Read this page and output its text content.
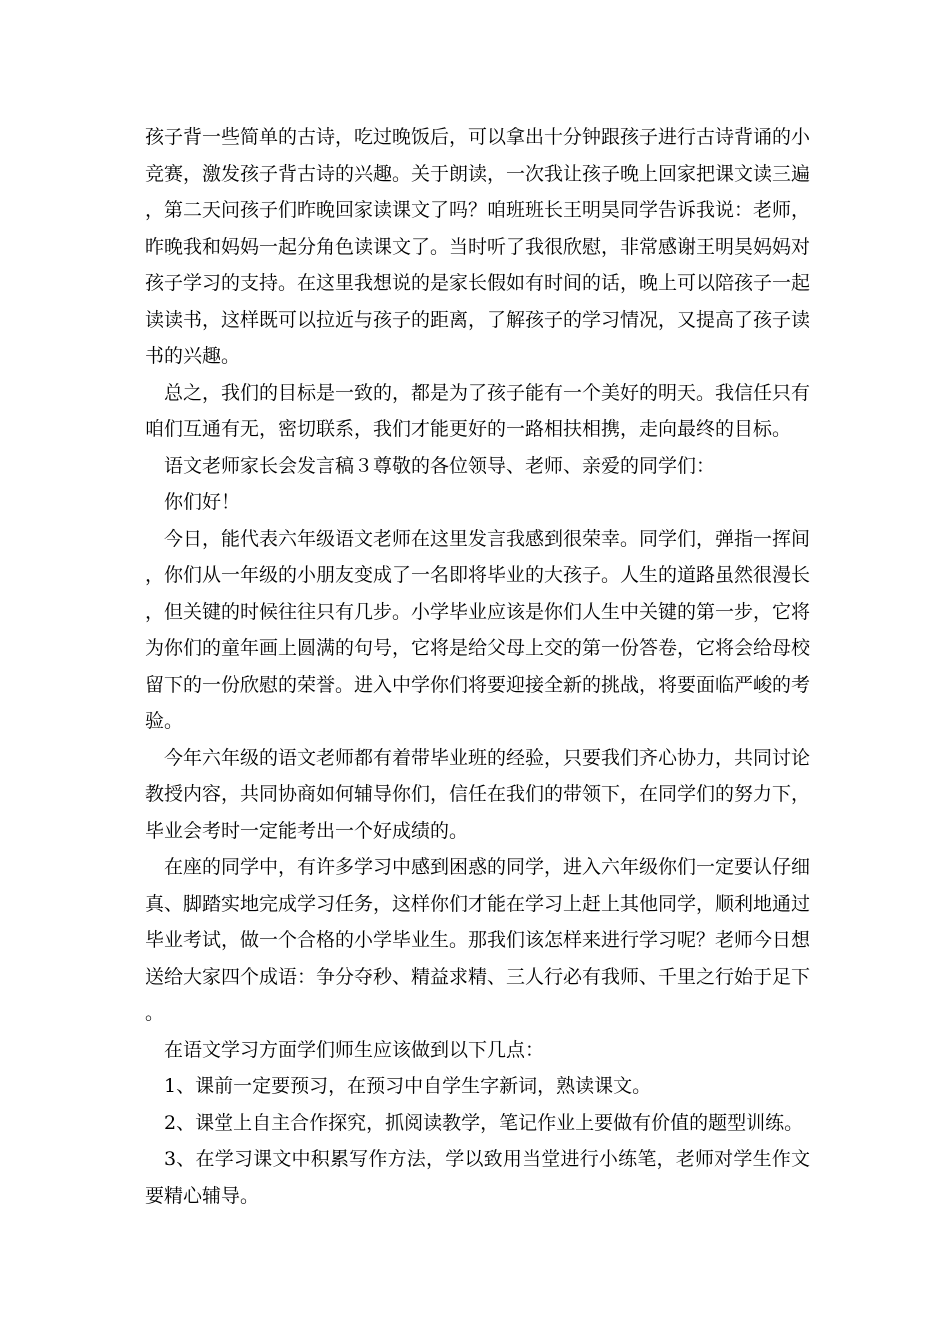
孩子背一些简单的古诗，吃过晚饭后，可以拿出十分钟跟孩子进行古诗背诵的小竞赛，激发孩子背古诗的兴趣。关于朗读，一次我让孩子晚上回家把课文读三遍，第二天问孩子们昨晚回家读课文了吗？咱班班长王明昊同学告诉我说：老师，昨晚我和妈妈一起分角色读课文了。当时听了我很欣慰，非常感谢王明昊妈妈对孩子学习的支持。在这里我想说的是家长假如有时间的话，晚上可以陪孩子一起读读书，这样既可以拉近与孩子的距离，了解孩子的学习情况，又提高了孩子读书的兴趣。

总之，我们的目标是一致的，都是为了孩子能有一个美好的明天。我信任只有咱们互通有无，密切联系，我们才能更好的一路相扶相携，走向最终的目标。

语文老师家长会发言稿３尊敬的各位领导、老师、亲爱的同学们：

你们好！

今日，能代表六年级语文老师在这里发言我感到很荣幸。同学们，弹指一挥间，你们从一年级的小朋友变成了一名即将毕业的大孩子。人生的道路虽然很漫长，但关键的时候往往只有几步。小学毕业应该是你们人生中关键的第一步，它将为你们的童年画上圆满的句号，它将是给父母上交的第一份答卷，它将会给母校留下的一份欣慰的荣誉。进入中学你们将要迎接全新的挑战，将要面临严峻的考验。

今年六年级的语文老师都有着带毕业班的经验，只要我们齐心协力，共同讨论教授内容，共同协商如何辅导你们，信任在我们的带领下，在同学们的努力下，毕业会考时一定能考出一个好成绩的。

在座的同学中，有许多学习中感到困惑的同学，进入六年级你们一定要认仔细真、脚踏实地完成学习任务，这样你们才能在学习上赶上其他同学，顺利地通过毕业考试，做一个合格的小学毕业生。那我们该怎样来进行学习呢？老师今日想送给大家四个成语：争分夺秒、精益求精、三人行必有我师、千里之行始于足下。

在语文学习方面学们师生应该做到以下几点：

1、课前一定要预习，在预习中自学生字新词，熟读课文。

2、课堂上自主合作探究，抓阅读教学，笔记作业上要做有价值的题型训练。

3、在学习课文中积累写作方法，学以致用当堂进行小练笔，老师对学生作文要精心辅导。
